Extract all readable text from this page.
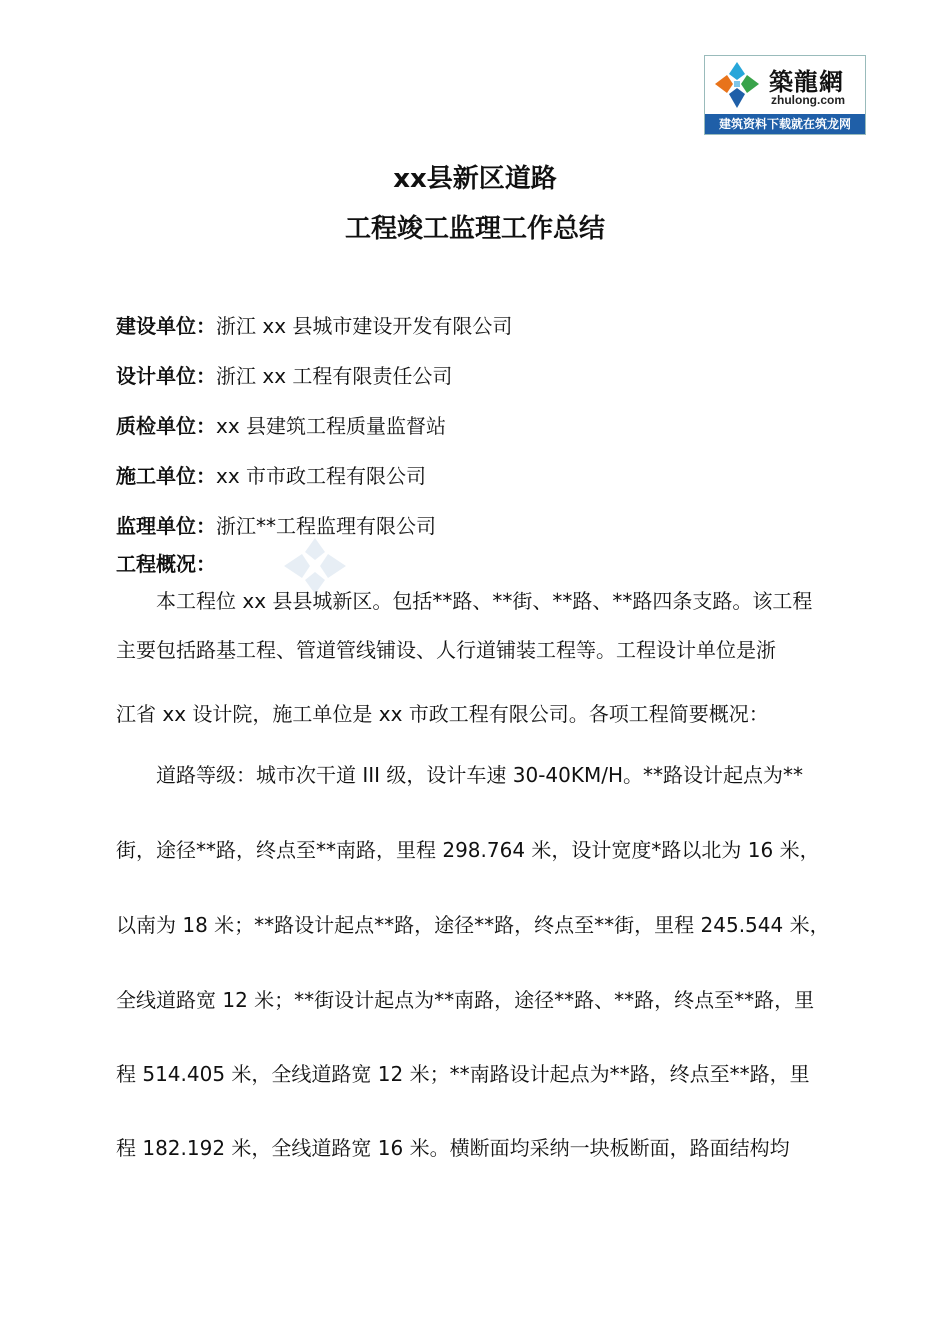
築龍網
zhulong.com
建筑资料下载就在筑龙网
xx县新区道路
工程竣工监理工作总结
建设单位：浙江 xx 县城市建设开发有限公司
设计单位：浙江 xx 工程有限责任公司
质检单位：xx 县建筑工程质量监督站
施工单位：xx 市市政工程有限公司
监理单位：浙江**工程监理有限公司
工程概况：
　　本工程位 xx 县县城新区。包括**路、**街、**路、**路四条支路。该工程
主要包括路基工程、管道管线铺设、人行道铺装工程等。工程设计单位是浙
江省 xx 设计院，施工单位是 xx 市政工程有限公司。各项工程简要概况：
　　道路等级：城市次干道 III 级，设计车速 30-40KM/H。**路设计起点为**
街，途径**路，终点至**南路，里程 298.764 米，设计宽度*路以北为 16 米，
以南为 18 米；**路设计起点**路，途径**路，终点至**街，里程 245.544 米，
全线道路宽 12 米；**街设计起点为**南路，途径**路、**路，终点至**路，里
程 514.405 米，全线道路宽 12 米；**南路设计起点为**路，终点至**路，里
程 182.192 米，全线道路宽 16 米。横断面均采纳一块板断面，路面结构均
